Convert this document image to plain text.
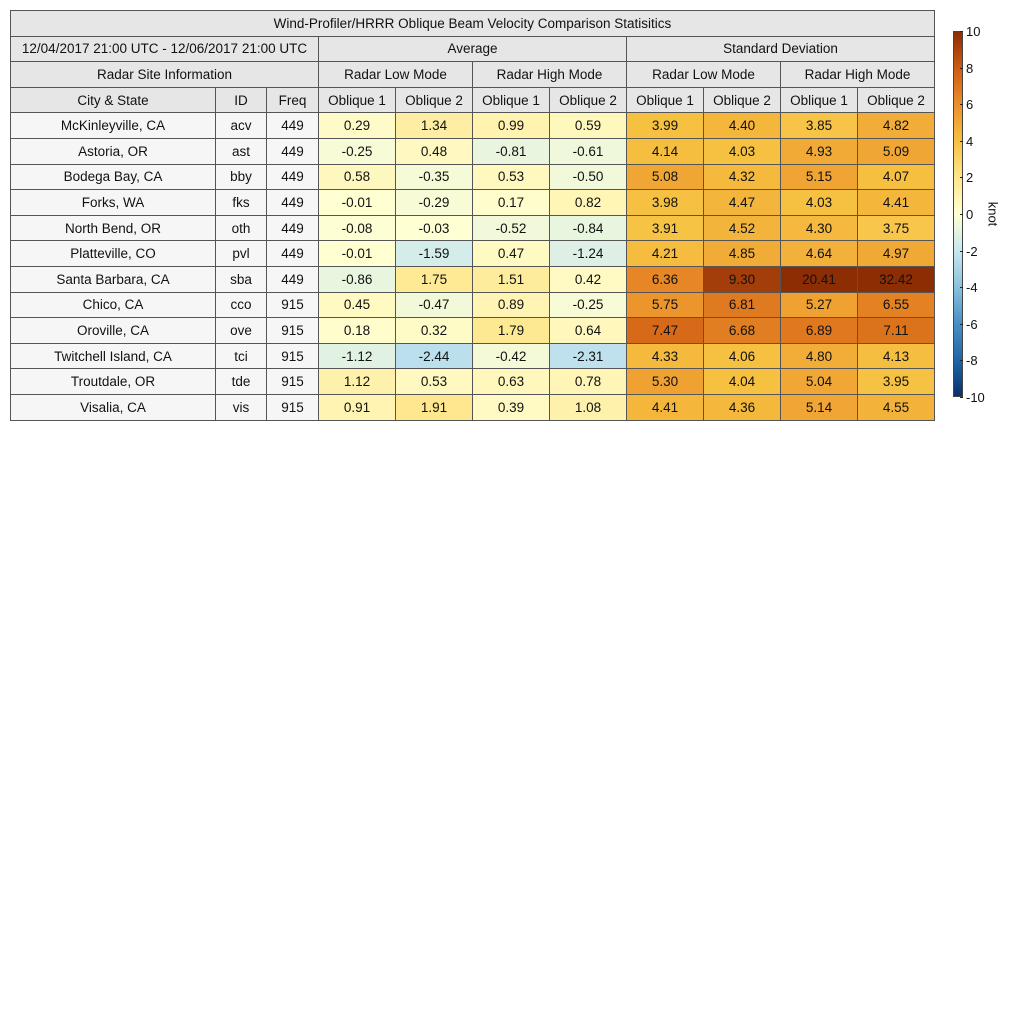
Wind-Profiler/HRRR Oblique Beam Velocity Comparison Statisitics										
12/04/2017 21:00 UTC - 12/06/2017 21:00 UTC			Average				Standard Deviation			
Radar Site Information			Radar Low Mode		Radar High Mode		Radar Low Mode		Radar High Mode	
City & State	ID	Freq	Oblique 1	Oblique 2	Oblique 1	Oblique 2	Oblique 1	Oblique 2	Oblique 1	Oblique 2
McKinleyville, CA	acv	449	0.29	1.34	0.99	0.59	3.99	4.40	3.85	4.82
Astoria, OR	ast	449	-0.25	0.48	-0.81	-0.61	4.14	4.03	4.93	5.09
Bodega Bay, CA	bby	449	0.58	-0.35	0.53	-0.50	5.08	4.32	5.15	4.07
Forks, WA	fks	449	-0.01	-0.29	0.17	0.82	3.98	4.47	4.03	4.41
North Bend, OR	oth	449	-0.08	-0.03	-0.52	-0.84	3.91	4.52	4.30	3.75
Platteville, CO	pvl	449	-0.01	-1.59	0.47	-1.24	4.21	4.85	4.64	4.97
Santa Barbara, CA	sba	449	-0.86	1.75	1.51	0.42	6.36	9.30	20.41	32.42
Chico, CA	cco	915	0.45	-0.47	0.89	-0.25	5.75	6.81	5.27	6.55
Oroville, CA	ove	915	0.18	0.32	1.79	0.64	7.47	6.68	6.89	7.11
Twitchell Island, CA	tci	915	-1.12	-2.44	-0.42	-2.31	4.33	4.06	4.80	4.13
Troutdale, OR	tde	915	1.12	0.53	0.63	0.78	5.30	4.04	5.04	3.95
Visalia, CA	vis	915	0.91	1.91	0.39	1.08	4.41	4.36	5.14	4.55
10
8
6
4
2
0
-2
-4
-6
-8
-10
knot
